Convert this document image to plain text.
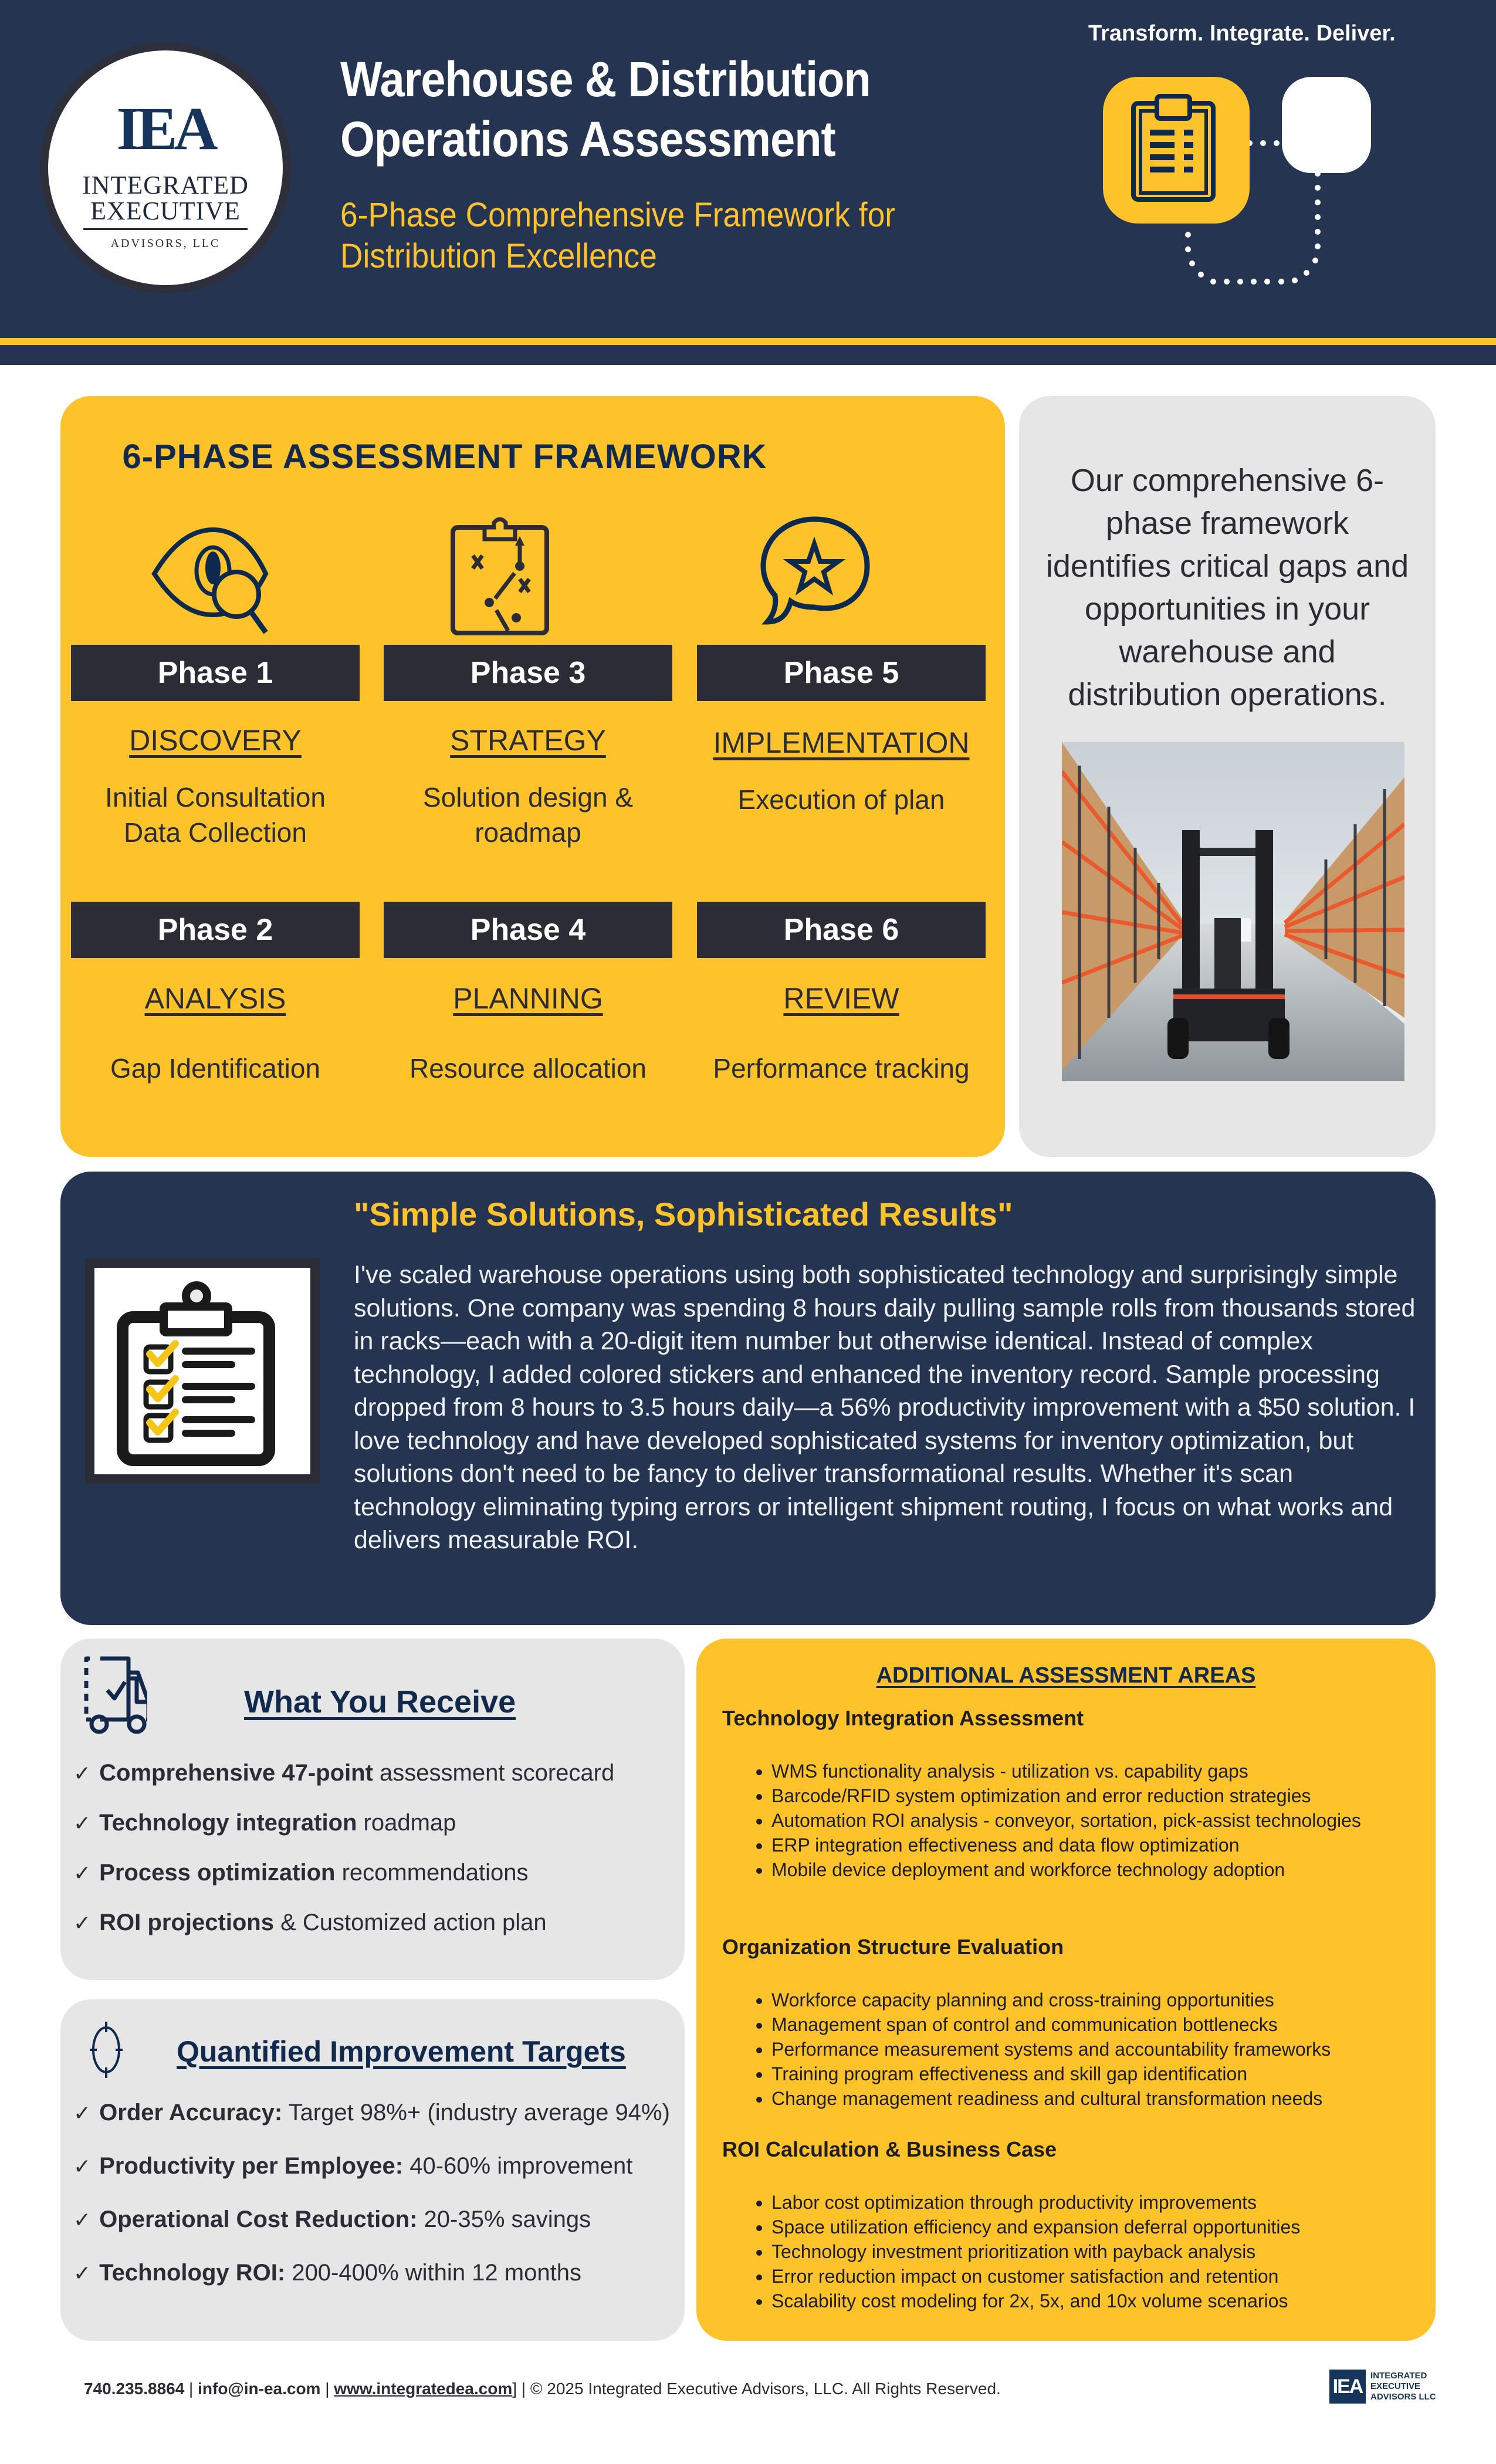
IEA
INTEGRATED
EXECUTIVE
ADVISORS, LLC
Warehouse & Distribution
Operations Assessment
6-Phase Comprehensive Framework for
Distribution Excellence
Transform. Integrate. Deliver.
6-PHASE ASSESSMENT FRAMEWORK
Phase 1
DISCOVERY
Initial Consultation
Data Collection
Phase 3
STRATEGY
Solution design &
roadmap
Phase 5
IMPLEMENTATION
Execution of plan
Phase 2
ANALYSIS
Gap Identification
Phase 4
PLANNING
Resource allocation
Phase 6
REVIEW
Performance tracking

Our comprehensive 6-phase framework identifies critical gaps and opportunities in your warehouse and distribution operations.

"Simple Solutions, Sophisticated Results"

I've scaled warehouse operations using both sophisticated technology and surprisingly simple solutions. One company was spending 8 hours daily pulling sample rolls from thousands stored in racks—each with a 20-digit item number but otherwise identical. Instead of complex technology, I added colored stickers and enhanced the inventory record. Sample processing dropped from 8 hours to 3.5 hours daily—a 56% productivity improvement with a $50 solution. I love technology and have developed sophisticated systems for inventory optimization, but solutions don't need to be fancy to deliver transformational results. Whether it's scan technology eliminating typing errors or intelligent shipment routing, I focus on what works and delivers measurable ROI.

What You Receive
✓ Comprehensive 47-point assessment scorecard
✓ Technology integration roadmap
✓ Process optimization recommendations
✓ ROI projections & Customized action plan
Quantified Improvement Targets
✓ Order Accuracy: Target 98%+ (industry average 94%)
✓ Productivity per Employee: 40-60% improvement
✓ Operational Cost Reduction: 20-35% savings
✓ Technology ROI: 200-400% within 12 months
ADDITIONAL ASSESSMENT AREAS
Technology Integration Assessment
• WMS functionality analysis - utilization vs. capability gaps
• Barcode/RFID system optimization and error reduction strategies
• Automation ROI analysis - conveyor, sortation, pick-assist technologies
• ERP integration effectiveness and data flow optimization
• Mobile device deployment and workforce technology adoption
Organization Structure Evaluation
• Workforce capacity planning and cross-training opportunities
• Management span of control and communication bottlenecks
• Performance measurement systems and accountability frameworks
• Training program effectiveness and skill gap identification
• Change management readiness and cultural transformation needs
ROI Calculation & Business Case
• Labor cost optimization through productivity improvements
• Space utilization efficiency and expansion deferral opportunities
• Technology investment prioritization with payback analysis
• Error reduction impact on customer satisfaction and retention
• Scalability cost modeling for 2x, 5x, and 10x volume scenarios
740.235.8864 | info@in-ea.com | www.integratedea.com] | © 2025 Integrated Executive Advisors, LLC. All Rights Reserved.	IEA INTEGRATED
EXECUTIVE
ADVISORS LLC
